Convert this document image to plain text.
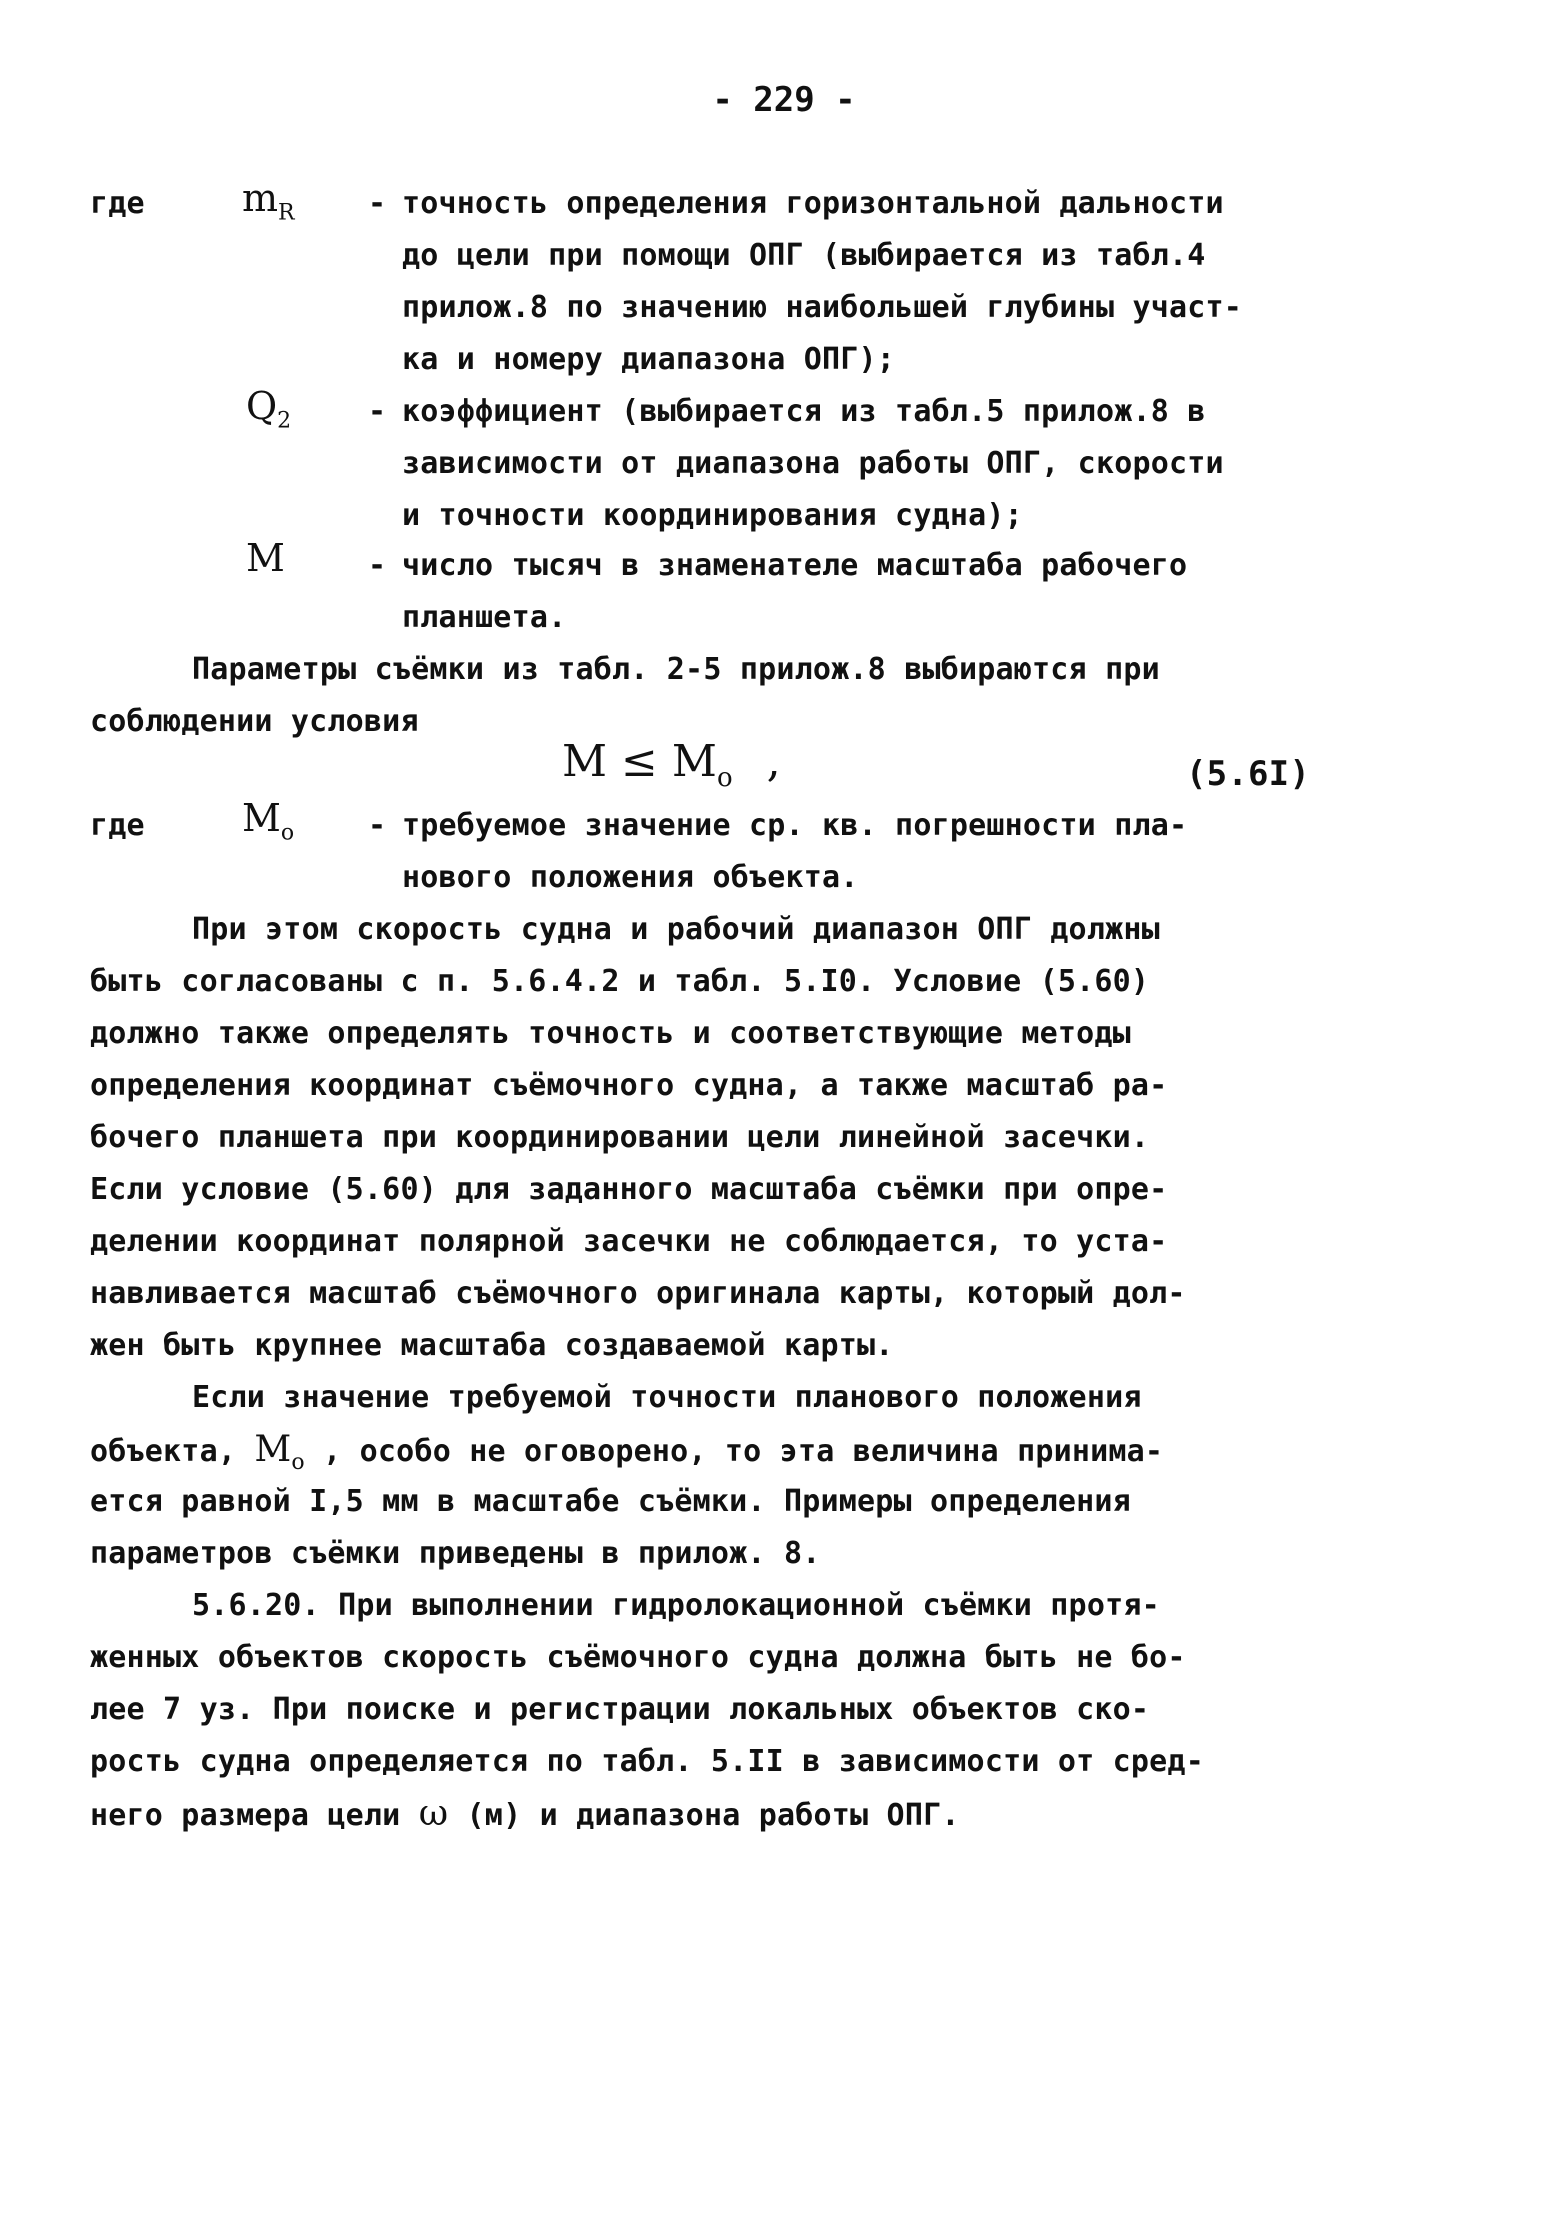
- 229 -
где	$m_R$ - точность определения горизонтальной дальности
до цели при помощи ОПГ (выбирается из табл.4
прилож.8 по значению наибольшей глубины участ-
ка и номеру диапазона ОПГ);
$Q_2$	- коэффициент (выбирается из табл.5 прилож.8 в
зависимости от диапазона работы ОПГ, скорости
и точности координирования судна);
M	- число тысяч в знаменателе масштаба рабочего
планшета.
Параметры съёмки из табл. 2-5 прилож.8 выбираются при
соблюдении условия
$M \le M_o$ ,	(5.6I)
где	$M_o$ - требуемое значение ср. кв. погрешности пла-
нового положения объекта.
При этом скорость судна и рабочий диапазон ОПГ должны
быть согласованы с п. 5.6.4.2 и табл. 5.I0. Условие (5.60)
должно также определять точность и соответствующие методы
определения координат съёмочного судна, а также масштаб ра-
бочего планшета при координировании цели линейной засечки.
Если условие (5.60) для заданного масштаба съёмки при опре-
делении координат полярной засечки не соблюдается, то уста-
навливается масштаб съёмочного оригинала карты, который дол-
жен быть крупнее масштаба создаваемой карты.
Если значение требуемой точности планового положения
объекта, $M_o$ , особо не оговорено, то эта величина принима-
ется равной I,5 мм в масштабе съёмки. Примеры определения
параметров съёмки приведены в прилож. 8.
5.6.20. При выполнении гидролокационной съёмки протя-
женных объектов скорость съёмочного судна должна быть не бо-
лее 7 уз. При поиске и регистрации локальных объектов ско-
рость судна определяется по табл. 5.II в зависимости от сред-
него размера цели ω (м) и диапазона работы ОПГ.
